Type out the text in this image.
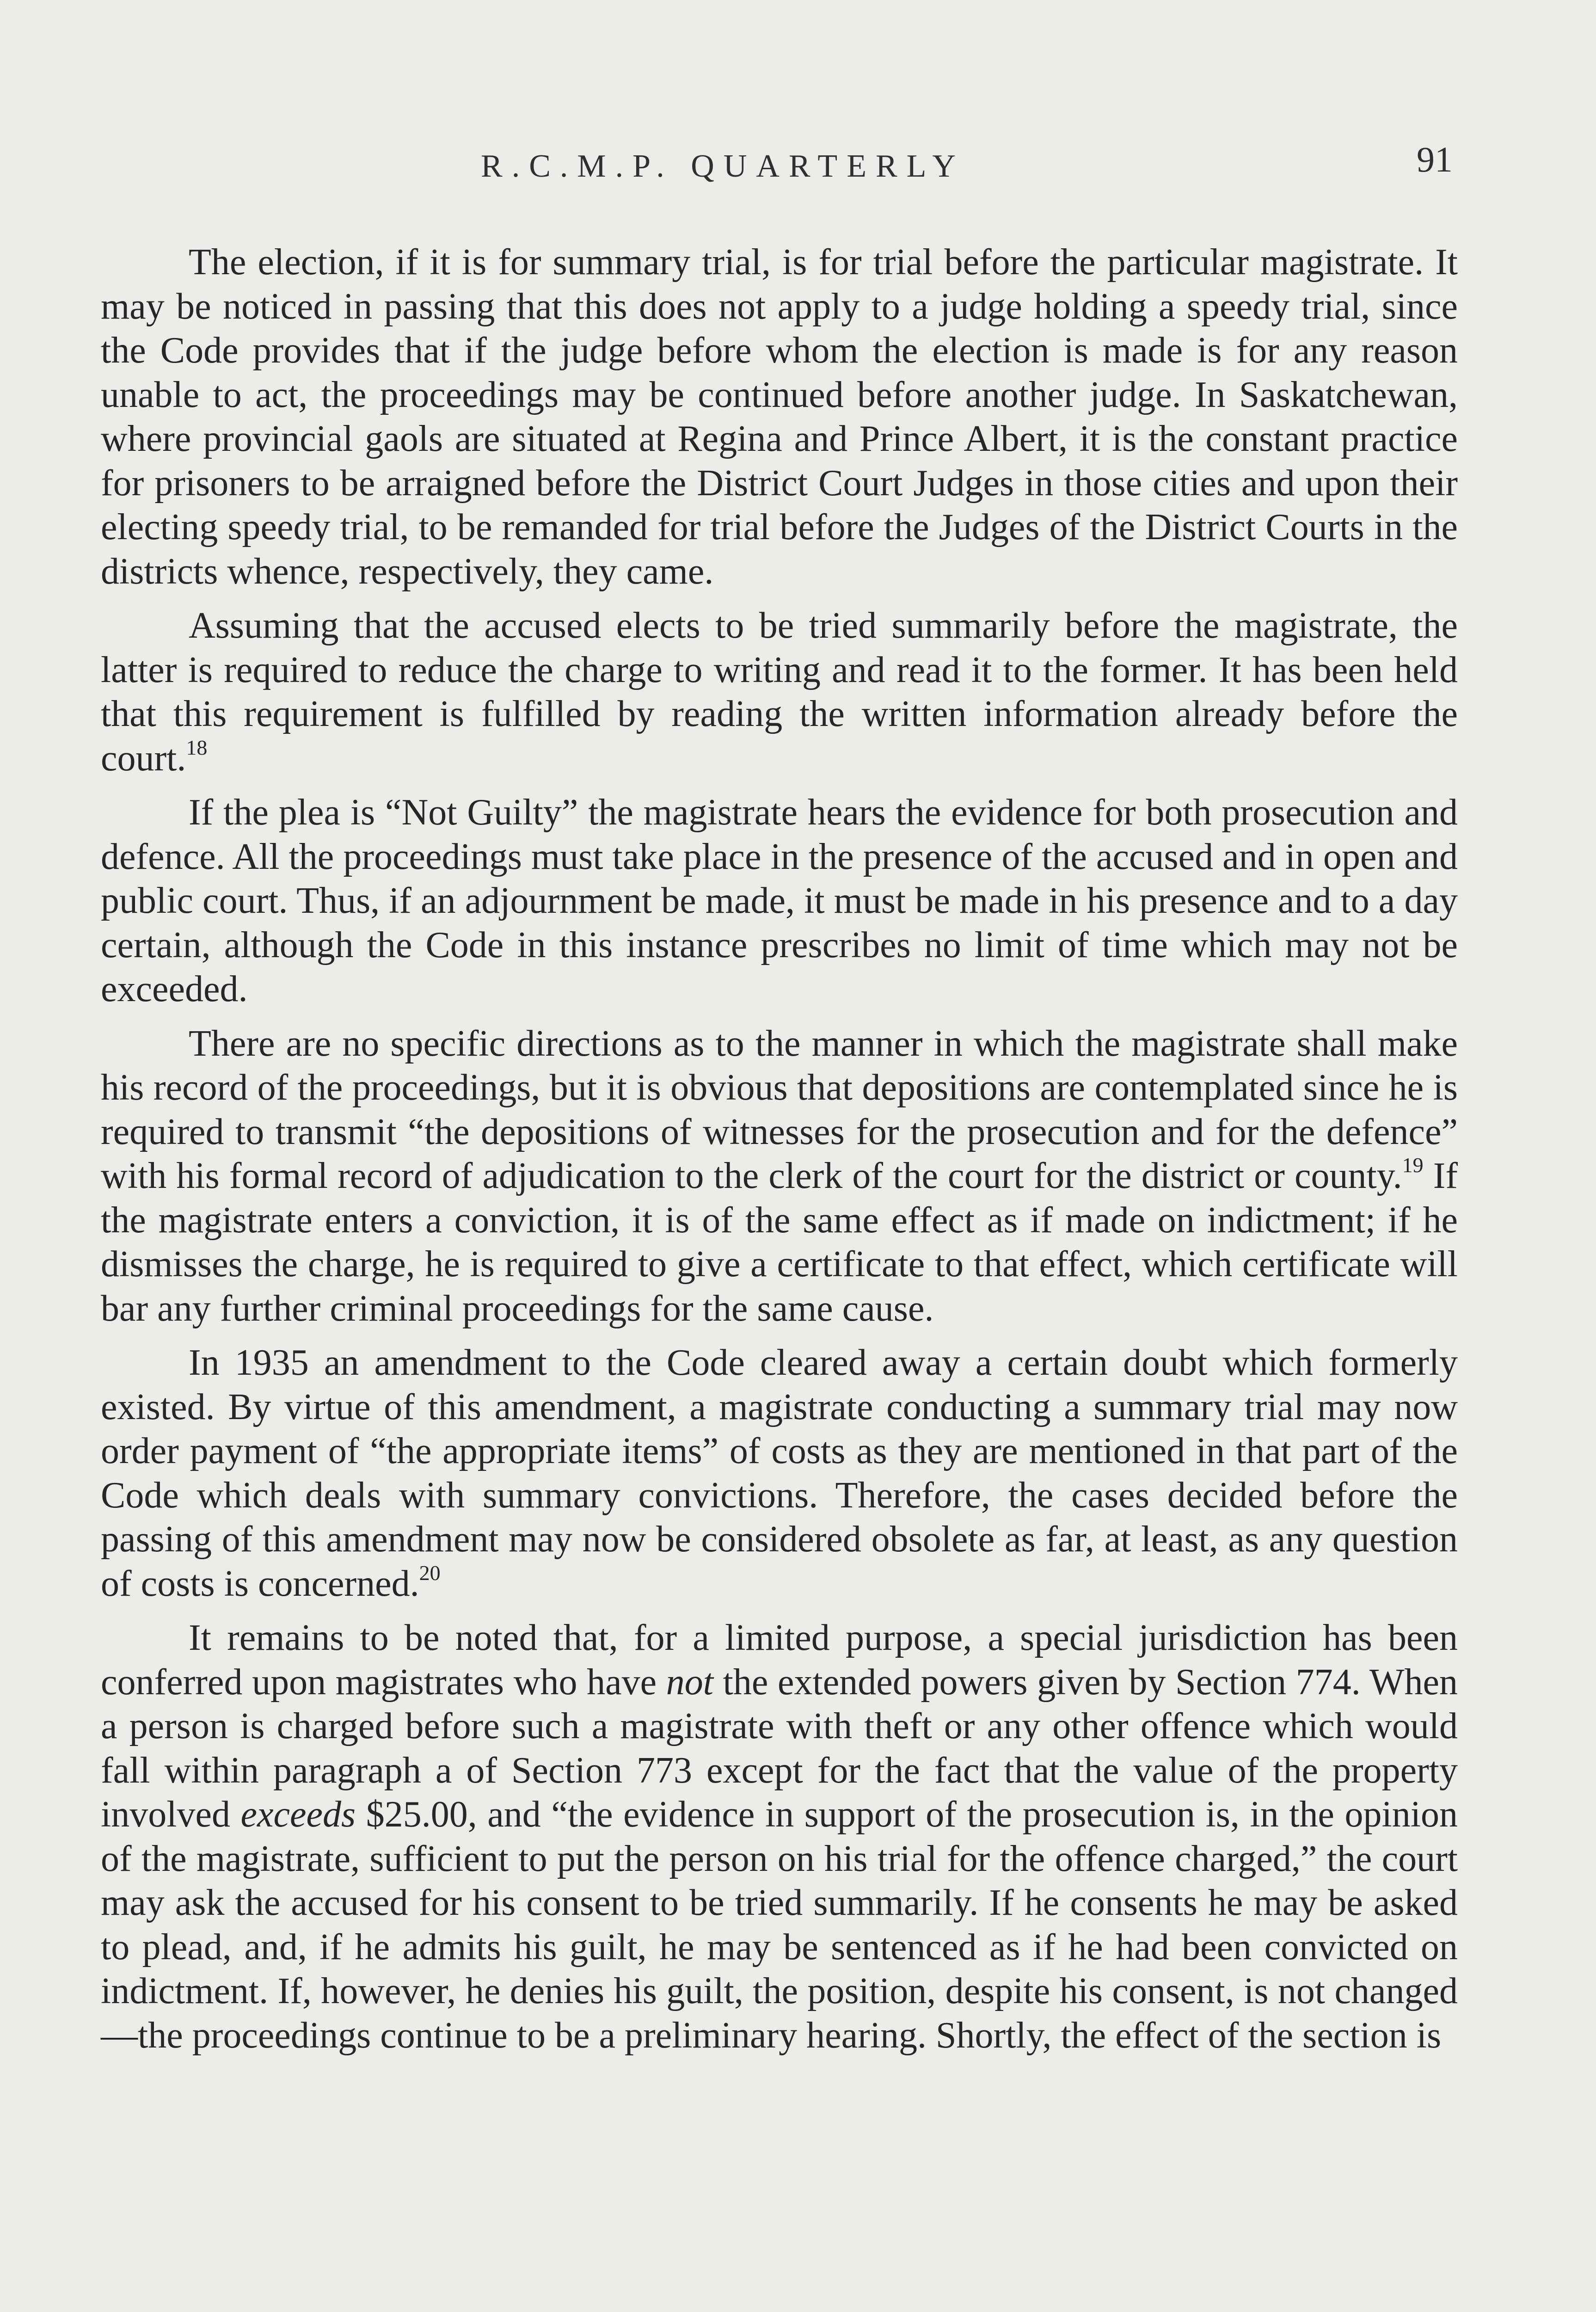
R.C.M.P. QUARTERLY	91

The election, if it is for summary trial, is for trial before the particular magistrate. It may be noticed in passing that this does not apply to a judge holding a speedy trial, since the Code provides that if the judge before whom the election is made is for any reason unable to act, the proceedings may be continued before another judge. In Saskatchewan, where provincial gaols are situated at Regina and Prince Albert, it is the constant practice for prisoners to be arraigned before the District Court Judges in those cities and upon their electing speedy trial, to be remanded for trial before the Judges of the District Courts in the districts whence, respectively, they came.

Assuming that the accused elects to be tried summarily before the magistrate, the latter is required to reduce the charge to writing and read it to the former. It has been held that this requirement is fulfilled by reading the written information already before the court.$^{18}$

If the plea is “Not Guilty” the magistrate hears the evidence for both prosecution and defence. All the proceedings must take place in the presence of the accused and in open and public court. Thus, if an adjournment be made, it must be made in his presence and to a day certain, although the Code in this instance prescribes no limit of time which may not be exceeded.

There are no specific directions as to the manner in which the magistrate shall make his record of the proceedings, but it is obvious that depositions are contemplated since he is required to transmit “the depositions of witnesses for the prosecution and for the defence” with his formal record of adjudication to the clerk of the court for the district or county.$^{19}$ If the magistrate enters a conviction, it is of the same effect as if made on indictment; if he dismisses the charge, he is required to give a certificate to that effect, which certificate will bar any further criminal proceedings for the same cause.

In 1935 an amendment to the Code cleared away a certain doubt which formerly existed. By virtue of this amendment, a magistrate conducting a summary trial may now order payment of “the appropriate items” of costs as they are mentioned in that part of the Code which deals with summary convictions. Therefore, the cases decided before the passing of this amendment may now be considered obsolete as far, at least, as any question of costs is concerned.$^{20}$

It remains to be noted that, for a limited purpose, a special jurisdiction has been conferred upon magistrates who have not the extended powers given by Section 774. When a person is charged before such a magistrate with theft or any other offence which would fall within paragraph a of Section 773 except for the fact that the value of the property involved exceeds $25.00, and “the evidence in support of the prosecution is, in the opinion of the magistrate, sufficient to put the person on his trial for the offence charged,” the court may ask the accused for his consent to be tried summarily. If he consents he may be asked to plead, and, if he admits his guilt, he may be sentenced as if he had been convicted on indictment. If, however, he denies his guilt, the position, despite his consent, is not changed—the proceedings continue to be a preliminary hearing. Shortly, the effect of the section is
